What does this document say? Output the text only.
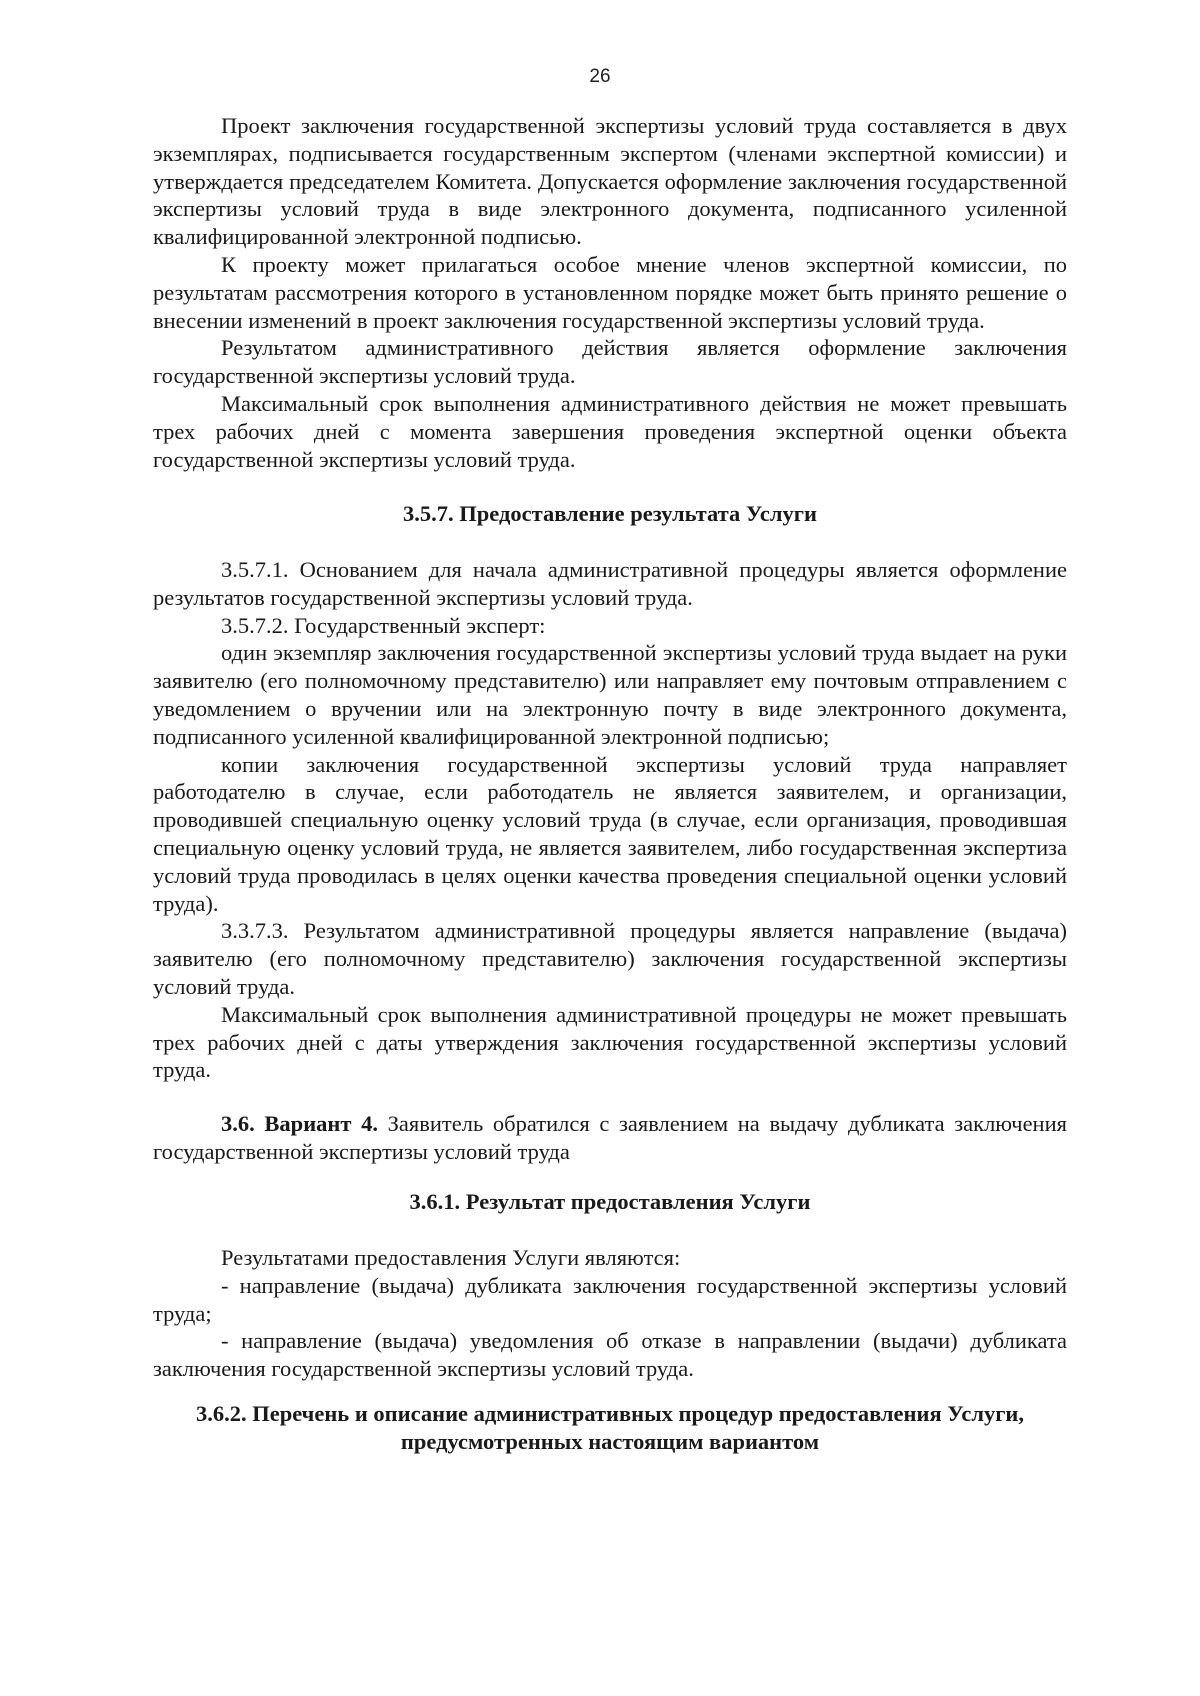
26

Проект заключения государственной экспертизы условий труда составляется в двух экземплярах, подписывается государственным экспертом (членами экспертной комиссии) и утверждается председателем Комитета. Допускается оформление заключения государственной экспертизы условий труда в виде электронного документа, подписанного усиленной квалифицированной электронной подписью.

К проекту может прилагаться особое мнение членов экспертной комиссии, по результатам рассмотрения которого в установленном порядке может быть принято решение о внесении изменений в проект заключения государственной экспертизы условий труда.

Результатом административного действия является оформление заключения государственной экспертизы условий труда.

Максимальный срок выполнения административного действия не может превышать трех рабочих дней с момента завершения проведения экспертной оценки объекта государственной экспертизы условий труда.

3.5.7. Предоставление результата Услуги

3.5.7.1. Основанием для начала административной процедуры является оформление результатов государственной экспертизы условий труда.

3.5.7.2. Государственный эксперт:

один экземпляр заключения государственной экспертизы условий труда выдает на руки заявителю (его полномочному представителю) или направляет ему почтовым отправлением с уведомлением о вручении или на электронную почту в виде электронного документа, подписанного усиленной квалифицированной электронной подписью;

копии заключения государственной экспертизы условий труда направляет работодателю в случае, если работодатель не является заявителем, и организации, проводившей специальную оценку условий труда (в случае, если организация, проводившая специальную оценку условий труда, не является заявителем, либо государственная экспертиза условий труда проводилась в целях оценки качества проведения специальной оценки условий труда).

3.3.7.3. Результатом административной процедуры является направление (выдача) заявителю (его полномочному представителю) заключения государственной экспертизы условий труда.

Максимальный срок выполнения административной процедуры не может превышать трех рабочих дней с даты утверждения заключения государственной экспертизы условий труда.

3.6. Вариант 4. Заявитель обратился с заявлением на выдачу дубликата заключения государственной экспертизы условий труда

3.6.1. Результат предоставления Услуги

Результатами предоставления Услуги являются:

- направление (выдача) дубликата заключения государственной экспертизы условий труда;

- направление (выдача) уведомления об отказе в направлении (выдачи) дубликата заключения государственной экспертизы условий труда.

3.6.2. Перечень и описание административных процедур предоставления Услуги,
предусмотренных настоящим вариантом
